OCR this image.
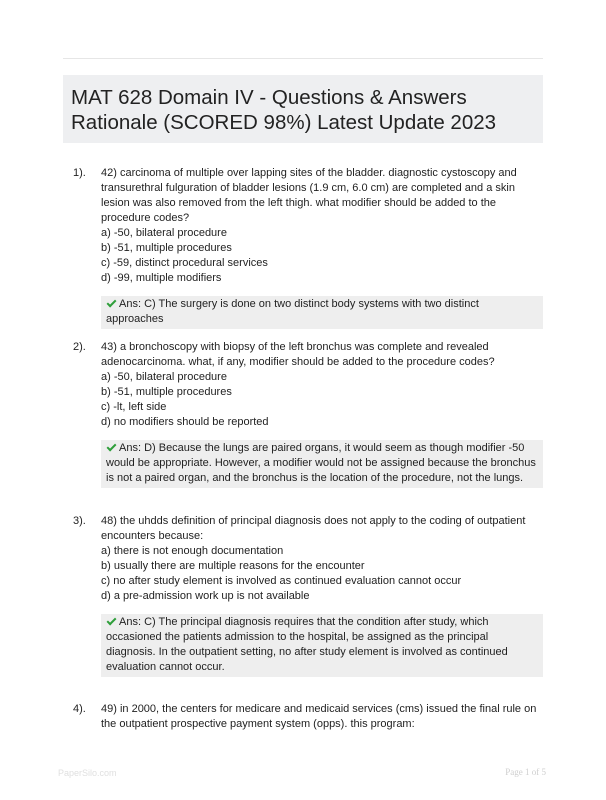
MAT 628 Domain IV - Questions & Answers Rationale (SCORED 98%) Latest Update 2023
1). 42) carcinoma of multiple over lapping sites of the bladder. diagnostic cystoscopy and transurethral fulguration of bladder lesions (1.9 cm, 6.0 cm) are completed and a skin lesion was also removed from the left thigh. what modifier should be added to the procedure codes?

a) -50, bilateral procedure

b) -51, multiple procedures

c) -59, distinct procedural services

d) -99, multiple modifiers

Ans: C) The surgery is done on two distinct body systems with two distinct approaches
2). 43) a bronchoscopy with biopsy of the left bronchus was complete and revealed adenocarcinoma. what, if any, modifier should be added to the procedure codes?

a) -50, bilateral procedure

b) -51, multiple procedures

c) -lt, left side

d) no modifiers should be reported

Ans: D) Because the lungs are paired organs, it would seem as though modifier -50 would be appropriate. However, a modifier would not be assigned because the bronchus is not a paired organ, and the bronchus is the location of the procedure, not the lungs.
3). 48) the uhdds definition of principal diagnosis does not apply to the coding of outpatient encounters because:

a) there is not enough documentation

b) usually there are multiple reasons for the encounter

c) no after study element is involved as continued evaluation cannot occur

d) a pre-admission work up is not available

Ans: C) The principal diagnosis requires that the condition after study, which occasioned the patients admission to the hospital, be assigned as the principal diagnosis. In the outpatient setting, no after study element is involved as continued evaluation cannot occur.
4). 49) in 2000, the centers for medicare and medicaid services (cms) issued the final rule on the outpatient prospective payment system (opps). this program:

PaperSilo.com	Page 1 of 5
